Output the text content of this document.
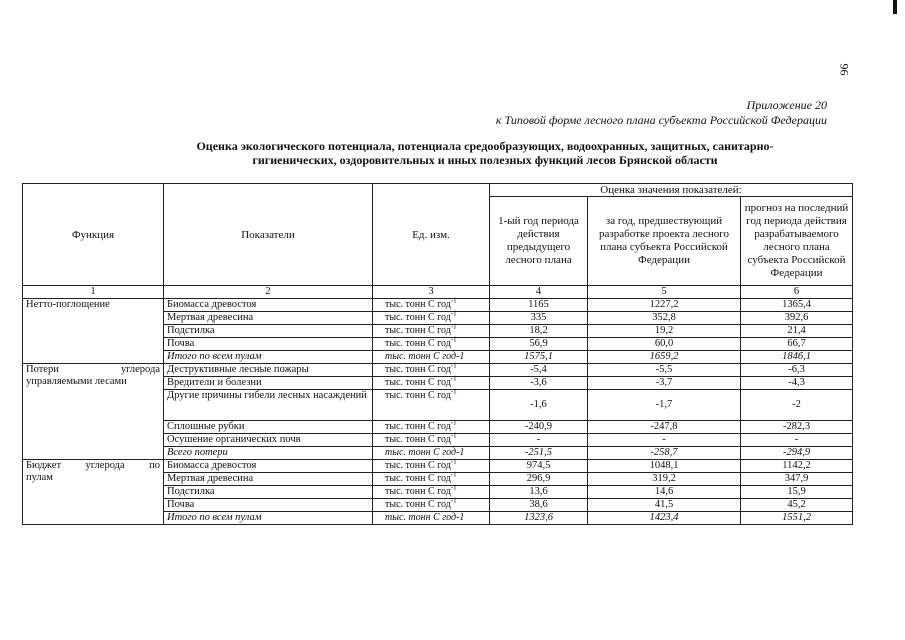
96
Приложение 20
к Типовой форме лесного плана субъекта Российской Федерации
Оценка экологического потенциала, потенциала средообразующих, водоохранных, защитных, санитарно-
гигиенических, оздоровительных и иных полезных функций лесов Брянской области
Функция	Показатели	Ед. изм.	Оценка значения показателей:		
			1-ый год периода действия предыдущего лесного плана	за год, предшествующий разработке проекта лесного плана субъекта Российской Федерации	прогноз на последний год периода действия разрабатываемого лесного плана субъекта Российской Федерации
1	2	3	4	5	6
Нетто-поглощение	Биомасса древостоя	тыс. тонн С год$^{-1}$	1165	1227,2	1365,4
	Мертвая древесина	тыс. тонн С год$^{-1}$	335	352,8	392,6
	Подстилка	тыс. тонн С год$^{-1}$	18,2	19,2	21,4
	Почва	тыс. тонн С год$^{-1}$	56,9	60,0	66,7
	Итого по всем пулам	тыс. тонн С год-1	1575,1	1659,2	1846,1

Потери углерода
управляемыми лесами	Деструктивные лесные пожары	тыс. тонн С год$^{-1}$	-5,4	-5,5	-6,3
	Вредители и болезни	тыс. тонн С год$^{-1}$	-3,6	-3,7	-4,3
	Другие причины гибели лесных насаждений	тыс. тонн С год$^{-1}$	-1,6	-1,7	-2
	Сплошные рубки	тыс. тонн С год$^{-1}$	-240,9	-247,8	-282,3
	Осушение органических почв	тыс. тонн С год$^{-1}$	-	-	-
	Всего потери	тыс. тонн С год-1	-251,5	-258,7	-294,9

Бюджет углерода по
пулам	Биомасса древостоя	тыс. тонн С год$^{-1}$	974,5	1048,1	1142,2
	Мертвая древесина	тыс. тонн С год$^{-1}$	296,9	319,2	347,9
	Подстилка	тыс. тонн С год$^{-1}$	13,6	14,6	15,9
	Почва	тыс. тонн С год$^{-1}$	38,6	41,5	45,2
	Итого по всем пулам	тыс. тонн С год-1	1323,6	1423,4	1551,2
